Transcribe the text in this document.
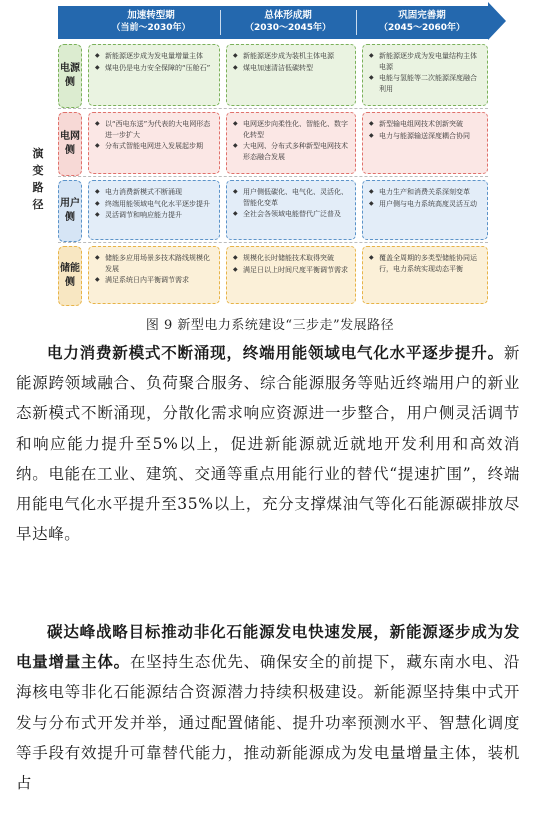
加速转型期
（当前～2030年）
总体形成期
（2030～2045年）
巩固完善期
（2045～2060年）
演变路径
电源侧
◆ 新能源逐步成为发电量增量主体
◆ 煤电仍是电力安全保障的“压舱石”
◆ 新能源逐步成为装机主体电源
◆ 煤电加速清洁低碳转型
◆ 新能源逐步成为发电量结构主体电源
◆ 电能与氢能等二次能源深度融合利用
电网侧
◆ 以“西电东送”为代表的大电网形态进一步扩大
◆ 分布式智能电网进入发展起步期
◆ 电网逐步向柔性化、智能化、数字化转型
◆ 大电网、分布式多种新型电网技术形态融合发展
◆ 新型输电组网技术创新突破
◆ 电力与能源输送深度耦合协同
用户侧
◆ 电力消费新模式不断涌现
◆ 终端用能领域电气化水平逐步提升
◆ 灵活调节和响应能力提升
◆ 用户侧低碳化、电气化、灵活化、智能化变革
◆ 全社会各领域电能替代广泛普及
◆ 电力生产和消费关系深刻变革
◆ 用户侧与电力系统高度灵活互动
储能侧
◆ 储能多应用场景多技术路线规模化发展
◆ 满足系统日内平衡调节需求
◆ 规模化长时储能技术取得突破
◆ 满足日以上时间尺度平衡调节需求
◆ 覆盖全周期的多类型储能协同运行，电力系统实现动态平衡
图 9 新型电力系统建设“三步走”发展路径

电力消费新模式不断涌现，终端用能领域电气化水平逐步提升。新能源跨领域融合、负荷聚合服务、综合能源服务等贴近终端用户的新业态新模式不断涌现，分散化需求响应资源进一步整合，用户侧灵活调节和响应能力提升至5%以上，促进新能源就近就地开发利用和高效消纳。电能在工业、建筑、交通等重点用能行业的替代“提速扩围”，终端用能电气化水平提升至35%以上，充分支撑煤油气等化石能源碳排放尽早达峰。

碳达峰战略目标推动非化石能源发电快速发展，新能源逐步成为发电量增量主体。在坚持生态优先、确保安全的前提下，藏东南水电、沿海核电等非化石能源结合资源潜力持续积极建设。新能源坚持集中式开发与分布式开发并举，通过配置储能、提升功率预测水平、智慧化调度等手段有效提升可靠替代能力，推动新能源成为发电量增量主体，装机占
